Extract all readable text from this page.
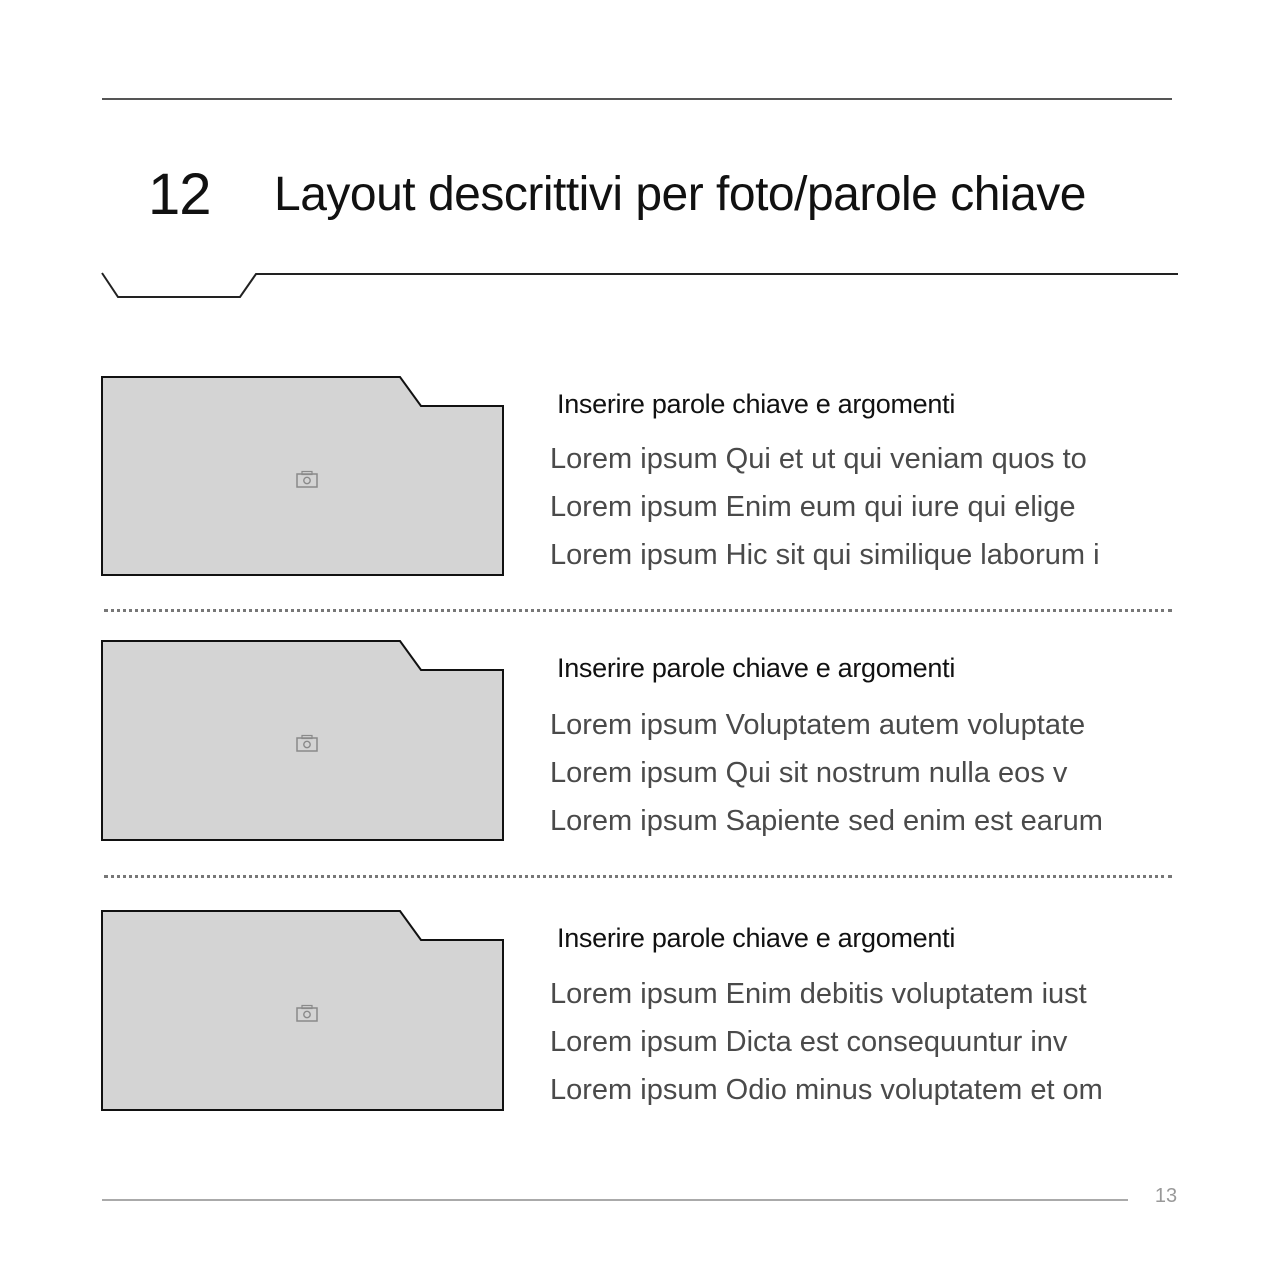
12 Layout descrittivi per foto/parole chiave
Inserire parole chiave e argomenti
Lorem ipsum Qui et ut qui veniam quos to
Lorem ipsum Enim eum qui iure qui elige
Lorem ipsum Hic sit qui similique laborum i
Inserire parole chiave e argomenti
Lorem ipsum Voluptatem autem voluptate
Lorem ipsum Qui sit nostrum nulla eos v
Lorem ipsum Sapiente sed enim est earum
Inserire parole chiave e argomenti
Lorem ipsum Enim debitis voluptatem iust
Lorem ipsum Dicta est consequuntur inv
Lorem ipsum Odio minus voluptatem et om
13
